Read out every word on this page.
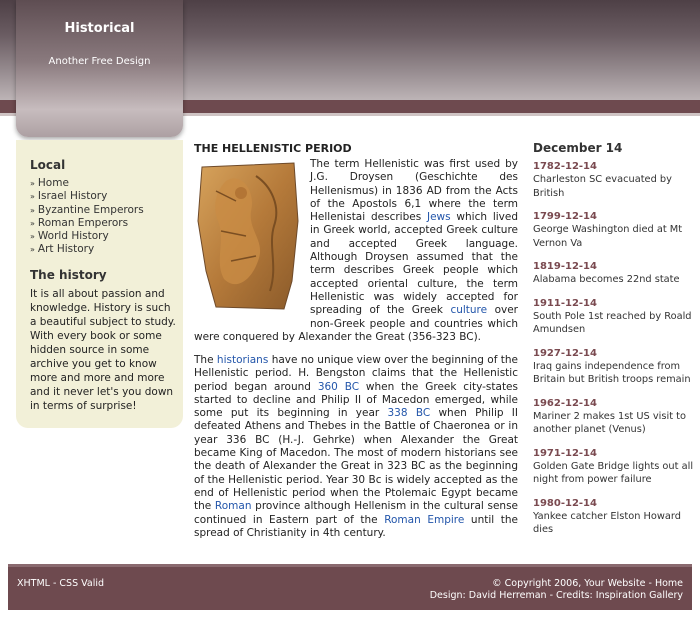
Historical
Another Free Design
Local
» Home
» Israel History
» Byzantine Emperors
» Roman Emperors
» World History
» Art History
The history

It is all about passion and knowledge. History is such a beautiful subject to study. With every book or some hidden source in some archive you get to know more and more and more and it never let's you down in terms of surprise!

THE HELLENISTIC PERIOD

The term Hellenistic was first used by J.G. Droysen (Geschichte des Hellenismus) in 1836 AD from the Acts of the Apostols 6,1 where the term Hellenistai describes Jews which lived in Greek world, accepted Greek culture and accepted Greek language. Although Droysen assumed that the term describes Greek people which accepted oriental culture, the term Hellenistic was widely accepted for spreading of the Greek culture over non-Greek people and countries which were conquered by Alexander the Great (356-323 BC).

The historians have no unique view over the beginning of the Hellenistic period. H. Bengston claims that the Hellenistic period began around 360 BC when the Greek city-states started to decline and Philip II of Macedon emerged, while some put its beginning in year 338 BC when Philip II defeated Athens and Thebes in the Battle of Chaeronea or in year 336 BC (H.-J. Gehrke) when Alexander the Great became King of Macedon. The most of modern historians see the death of Alexander the Great in 323 BC as the beginning of the Hellenistic period. Year 30 Bc is widely accepted as the end of Hellenistic period when the Ptolemaic Egypt became the Roman province although Hellenism in the cultural sense continued in Eastern part of the Roman Empire until the spread of Christianity in 4th century.

December 14
1782-12-14
Charleston SC evacuated by British
1799-12-14
George Washington died at Mt Vernon Va
1819-12-14
Alabama becomes 22nd state
1911-12-14
South Pole 1st reached by Roald Amundsen
1927-12-14
Iraq gains independence from Britain but British troops remain
1962-12-14
Mariner 2 makes 1st US visit to another planet (Venus)
1971-12-14
Golden Gate Bridge lights out all night from power failure
1980-12-14
Yankee catcher Elston Howard dies
XHTML - CSS Valid	© Copyright 2006, Your Website - Home
Design: David Herreman - Credits: Inspiration Gallery
